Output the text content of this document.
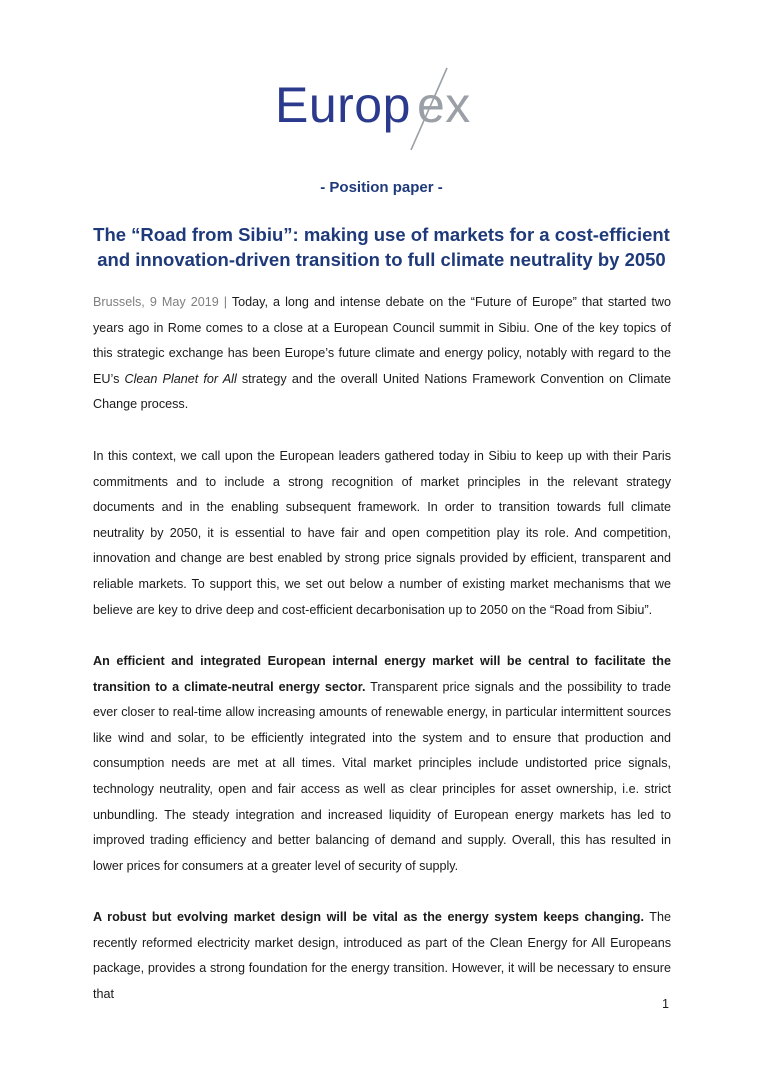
Europ ex
- Position paper -
The “Road from Sibiu”: making use of markets for a cost-efficient
and innovation-driven transition to full climate neutrality by 2050
Brussels, 9 May 2019 | Today, a long and intense debate on the “Future of Europe” that started two years ago in Rome comes to a close at a European Council summit in Sibiu. One of the key topics of this strategic exchange has been Europe’s future climate and energy policy, notably with regard to the EU’s Clean Planet for All strategy and the overall United Nations Framework Convention on Climate Change process.
In this context, we call upon the European leaders gathered today in Sibiu to keep up with their Paris commitments and to include a strong recognition of market principles in the relevant strategy documents and in the enabling subsequent framework. In order to transition towards full climate neutrality by 2050, it is essential to have fair and open competition play its role. And competition, innovation and change are best enabled by strong price signals provided by efficient, transparent and reliable markets. To support this, we set out below a number of existing market mechanisms that we believe are key to drive deep and cost-efficient decarbonisation up to 2050 on the “Road from Sibiu”.
An efficient and integrated European internal energy market will be central to facilitate the transition to a climate-neutral energy sector. Transparent price signals and the possibility to trade ever closer to real-time allow increasing amounts of renewable energy, in particular intermittent sources like wind and solar, to be efficiently integrated into the system and to ensure that production and consumption needs are met at all times. Vital market principles include undistorted price signals, technology neutrality, open and fair access as well as clear principles for asset ownership, i.e. strict unbundling. The steady integration and increased liquidity of European energy markets has led to improved trading efficiency and better balancing of demand and supply. Overall, this has resulted in lower prices for consumers at a greater level of security of supply.
A robust but evolving market design will be vital as the energy system keeps changing. The recently reformed electricity market design, introduced as part of the Clean Energy for All Europeans package, provides a strong foundation for the energy transition. However, it will be necessary to ensure that
1
